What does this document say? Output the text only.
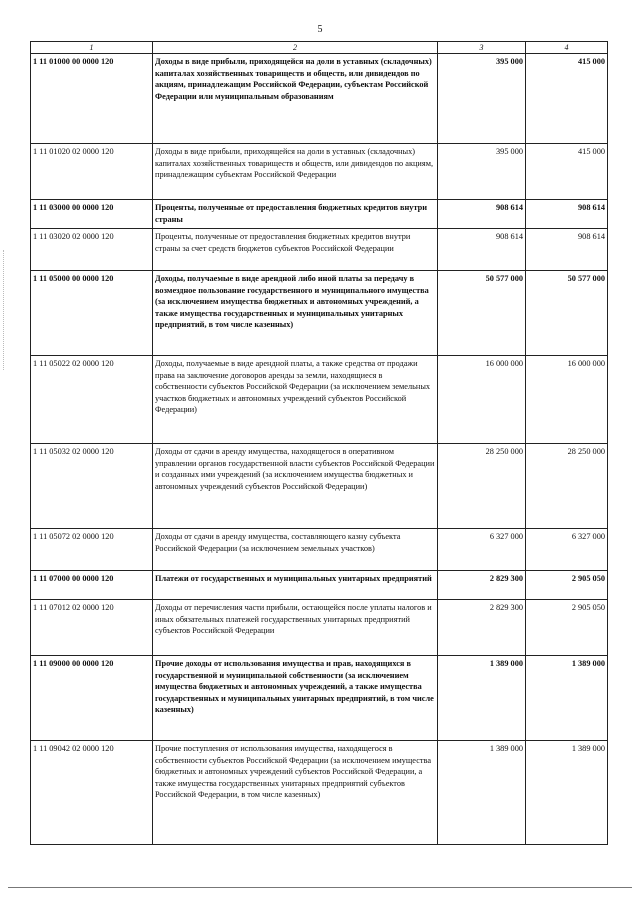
5
1	2	3	4
1 11 01000 00 0000 120	Доходы в виде прибыли, приходящейся на доли в уставных (складочных) капиталах хозяйственных товариществ и обществ, или дивидендов по акциям, принадлежащим Российской Федерации, субъектам Российской Федерации или муниципальным образованиям	395 000	415 000
1 11 01020 02 0000 120	Доходы в виде прибыли, приходящейся на доли в уставных (складочных) капиталах хозяйственных товариществ и обществ, или дивидендов по акциям, принадлежащим субъектам Российской Федерации	395 000	415 000
1 11 03000 00 0000 120	Проценты, полученные от предоставления бюджетных кредитов внутри страны	908 614	908 614
1 11 03020 02 0000 120	Проценты, полученные от предоставления бюджетных кредитов внутри страны за счет средств бюджетов субъектов Российской Федерации	908 614	908 614
1 11 05000 00 0000 120	Доходы, получаемые в виде арендной либо иной платы за передачу в возмездное пользование государственного и муниципального имущества (за исключением имущества бюджетных и автономных учреждений, а также имущества государственных и муниципальных унитарных предприятий, в том числе казенных)	50 577 000	50 577 000
1 11 05022 02 0000 120	Доходы, получаемые в виде арендной платы, а также средства от продажи права на заключение договоров аренды за земли, находящиеся в собственности субъектов Российской Федерации (за исключением земельных участков бюджетных и автономных учреждений субъектов Российской Федерации)	16 000 000	16 000 000
1 11 05032 02 0000 120	Доходы от сдачи в аренду имущества, находящегося в оперативном управлении органов государственной власти субъектов Российской Федерации и созданных ими учреждений (за исключением имущества бюджетных и автономных учреждений субъектов Российской Федерации)	28 250 000	28 250 000
1 11 05072 02 0000 120	Доходы от сдачи в аренду имущества, составляющего казну субъекта Российской Федерации (за исключением земельных участков)	6 327 000	6 327 000
1 11 07000 00 0000 120	Платежи от государственных и муниципальных унитарных предприятий	2 829 300	2 905 050
1 11 07012 02 0000 120	Доходы от перечисления части прибыли, остающейся после уплаты налогов и иных обязательных платежей государственных унитарных предприятий субъектов Российской Федерации	2 829 300	2 905 050
1 11 09000 00 0000 120	Прочие доходы от использования имущества и прав, находящихся в государственной и муниципальной собственности (за исключением имущества бюджетных и автономных учреждений, а также имущества государственных и муниципальных унитарных предприятий, в том числе казенных)	1 389 000	1 389 000
1 11 09042 02 0000 120	Прочие поступления от использования имущества, находящегося в собственности субъектов Российской Федерации (за исключением имущества бюджетных и автономных учреждений субъектов Российской Федерации, а также имущества государственных унитарных предприятий субъектов Российской Федерации, в том числе казенных)	1 389 000	1 389 000
